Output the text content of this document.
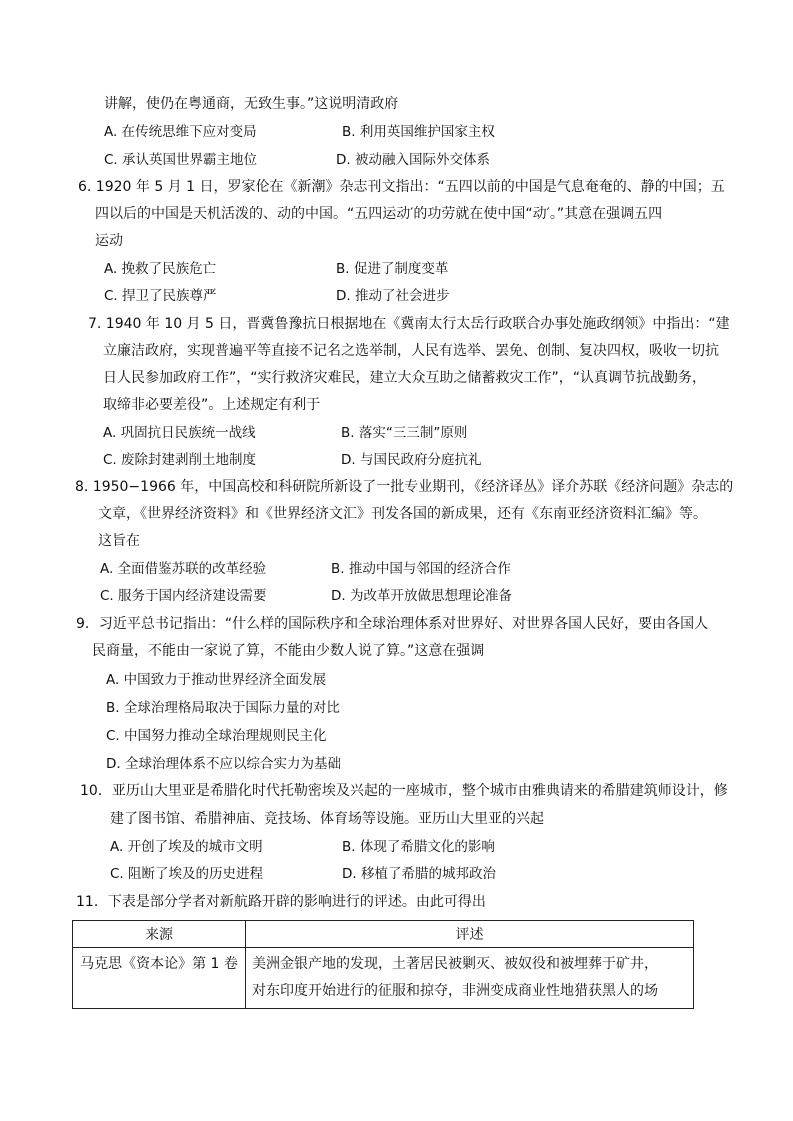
讲解，使仍在粤通商，无致生事。”这说明清政府
A. 在传统思维下应对变局	B. 利用英国维护国家主权
C. 承认英国世界霸主地位	D. 被动融入国际外交体系
6. 1920 年 5 月 1 日，罗家伦在《新潮》杂志刊文指出：“五四以前的中国是气息奄奄的、静的中国；五
四以后的中国是天机活泼的、动的中国。“五四运动′的功劳就在使中国“动′。”其意在强调五四
运动
A. 挽救了民族危亡	B. 促进了制度变革
C. 捍卫了民族尊严	D. 推动了社会进步
7. 1940 年 10 月 5 日，晋冀鲁豫抗日根据地在《冀南太行太岳行政联合办事处施政纲领》中指出：“建
立廉洁政府，实现普遍平等直接不记名之选举制，人民有选举、罢免、创制、复决四权，吸收一切抗
日人民参加政府工作”，“实行救济灾难民，建立大众互助之储蓄救灾工作”，“认真调节抗战勤务，
取缔非必要差役”。上述规定有利于
A. 巩固抗日民族统一战线	B. 落实“三三制”原则
C. 废除封建剥削土地制度	D. 与国民政府分庭抗礼
8. 1950−1966 年，中国高校和科研院所新设了一批专业期刊，《经济译丛》译介苏联《经济问题》杂志的
文章，《世界经济资料》和《世界经济文汇》刊发各国的新成果，还有《东南亚经济资料汇编》等。
这旨在
A. 全面借鉴苏联的改革经验	B. 推动中国与邻国的经济合作
C. 服务于国内经济建设需要	D. 为改革开放做思想理论准备
9．习近平总书记指出：“什么样的国际秩序和全球治理体系对世界好、对世界各国人民好，要由各国人
民商量，不能由一家说了算，不能由少数人说了算。”这意在强调
A. 中国致力于推动世界经济全面发展
B. 全球治理格局取决于国际力量的对比
C. 中国努力推动全球治理规则民主化
D. 全球治理体系不应以综合实力为基础
10．亚历山大里亚是希腊化时代托勒密埃及兴起的一座城市，整个城市由雅典请来的希腊建筑师设计，修
建了图书馆、希腊神庙、竞技场、体育场等设施。亚历山大里亚的兴起
A. 开创了埃及的城市文明	B. 体现了希腊文化的影响
C. 阻断了埃及的历史进程	D. 移植了希腊的城邦政治
11．下表是部分学者对新航路开辟的影响进行的评述。由此可得出
来源	评述

马克思《资本论》第 1 卷	美洲金银产地的发现，土著居民被剿灭、被奴役和被埋葬于矿井，
对东印度开始进行的征服和掠夺，非洲变成商业性地猎获黑人的场
